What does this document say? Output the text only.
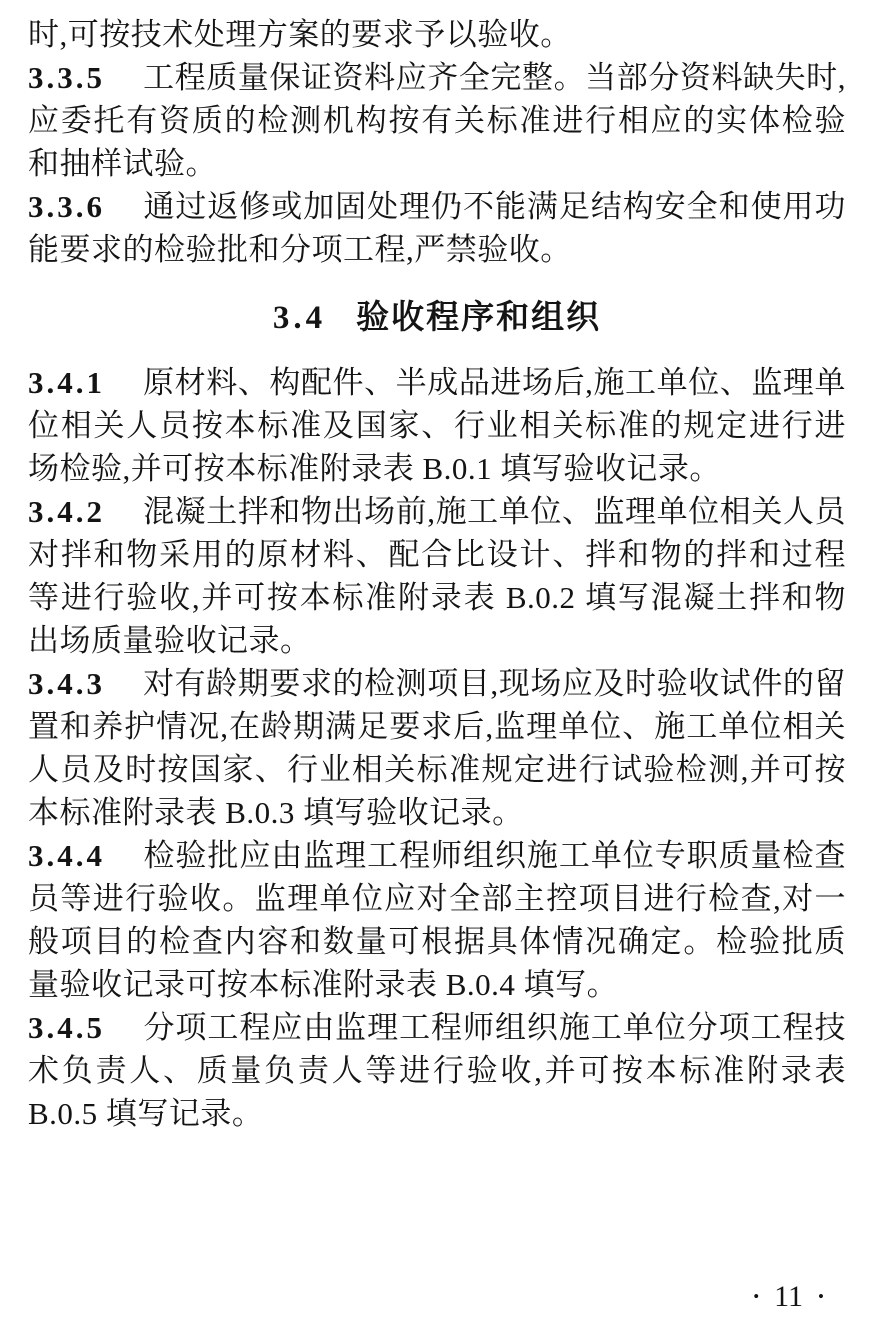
时,可按技术处理方案的要求予以验收。

3.3.5 工程质量保证资料应齐全完整。当部分资料缺失时,应委托有资质的检测机构按有关标准进行相应的实体检验和抽样试验。

3.3.6 通过返修或加固处理仍不能满足结构安全和使用功能要求的检验批和分项工程,严禁验收。

3.4 验收程序和组织

3.4.1 原材料、构配件、半成品进场后,施工单位、监理单位相关人员按本标准及国家、行业相关标准的规定进行进场检验,并可按本标准附录表 B.0.1 填写验收记录。

3.4.2 混凝土拌和物出场前,施工单位、监理单位相关人员对拌和物采用的原材料、配合比设计、拌和物的拌和过程等进行验收,并可按本标准附录表 B.0.2 填写混凝土拌和物出场质量验收记录。

3.4.3 对有龄期要求的检测项目,现场应及时验收试件的留置和养护情况,在龄期满足要求后,监理单位、施工单位相关人员及时按国家、行业相关标准规定进行试验检测,并可按本标准附录表 B.0.3 填写验收记录。

3.4.4 检验批应由监理工程师组织施工单位专职质量检查员等进行验收。监理单位应对全部主控项目进行检查,对一般项目的检查内容和数量可根据具体情况确定。检验批质量验收记录可按本标准附录表 B.0.4 填写。

3.4.5 分项工程应由监理工程师组织施工单位分项工程技术负责人、质量负责人等进行验收,并可按本标准附录表 B.0.5 填写记录。

• 11 •
